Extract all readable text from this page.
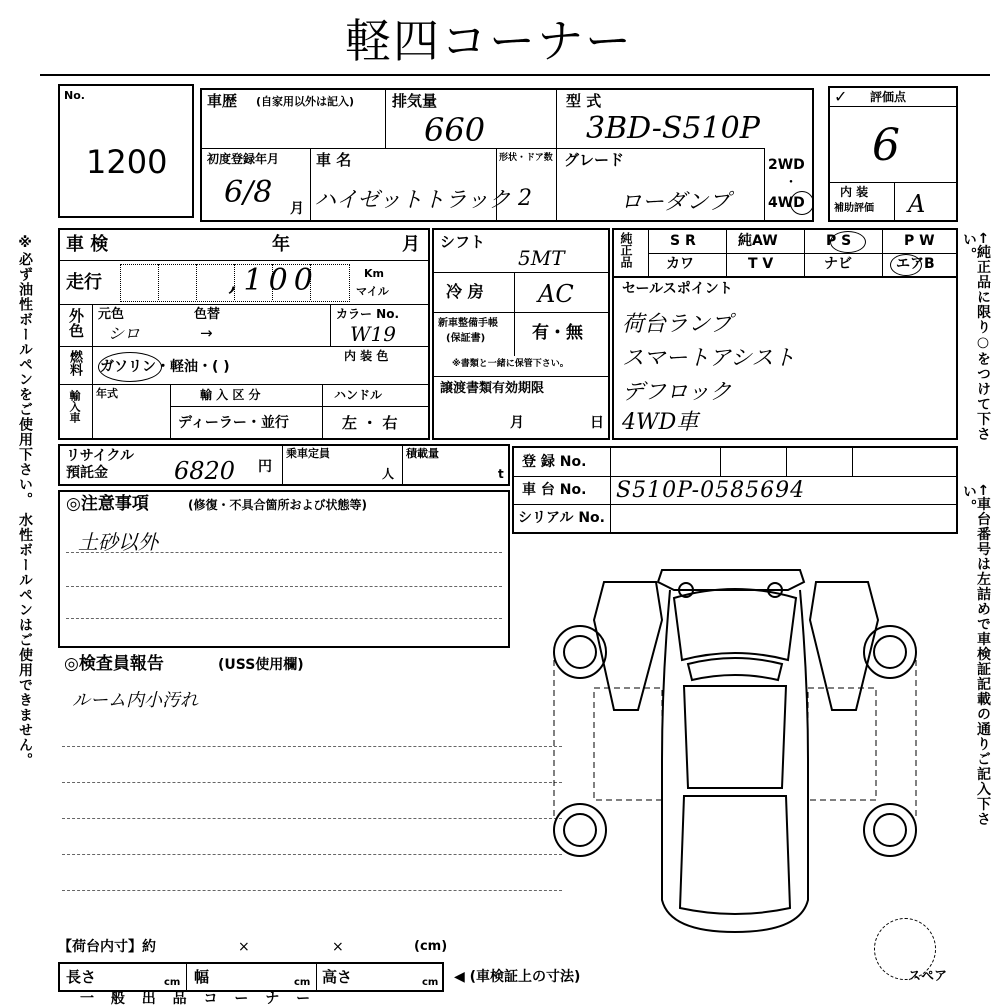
軽四コーナー
※必ず油性ボールペンをご使用下さい。 水性ボールペンはご使用できません。	←純正品に限り○をつけて下さい。
←車台番号は左詰めで車検証記載の通りご記入下さい。
No.
1200
車歴 (自家用以外は記入)	排気量
660
型 式
3BD-S510P
初度登録年月
6/8 月
車 名
ハイゼットトラック
形状・ドア数
2
グレード
ローダンプ
2WD
・
4WD
✓ 評価点
6
内 装
補助評価 A
車 検	年	月
走行	,100	Km
マイル
外色 元色
シロ
色替
→
カラー No.
W19
燃料 ガソリン・軽油・( )
内 装 色
輸入車 年式	輸 入 区 分
ディーラー・並行
ハンドル
左 ・ 右
シフト
5MT
冷 房 AC
新車整備手帳
(保証書)	有・無
※書類と一緒に保管下さい。
譲渡書類有効期限
月	日
純正品	S R	純AW	P S	P W
カワ	T V	ナビ	エアB
セールスポイント
荷台ランプ
スマートアシスト
デフロック
4WD車
リサイクル
預託金	6820 円
乗車定員
人
積載量
t
登 録 No.
車 台 No. S510P-0585694
シリアル No.
◎注意事項	(修復・不具合箇所および状態等)
土砂以外
◎検査員報告	(USS使用欄)
ルーム内小汚れ
スペア
【荷台内寸】約	×	×	(cm)
長さ	cm 幅	cm 高さ	cm ◀ (車検証上の寸法)
一 般 出 品 コ ー ナ ー
